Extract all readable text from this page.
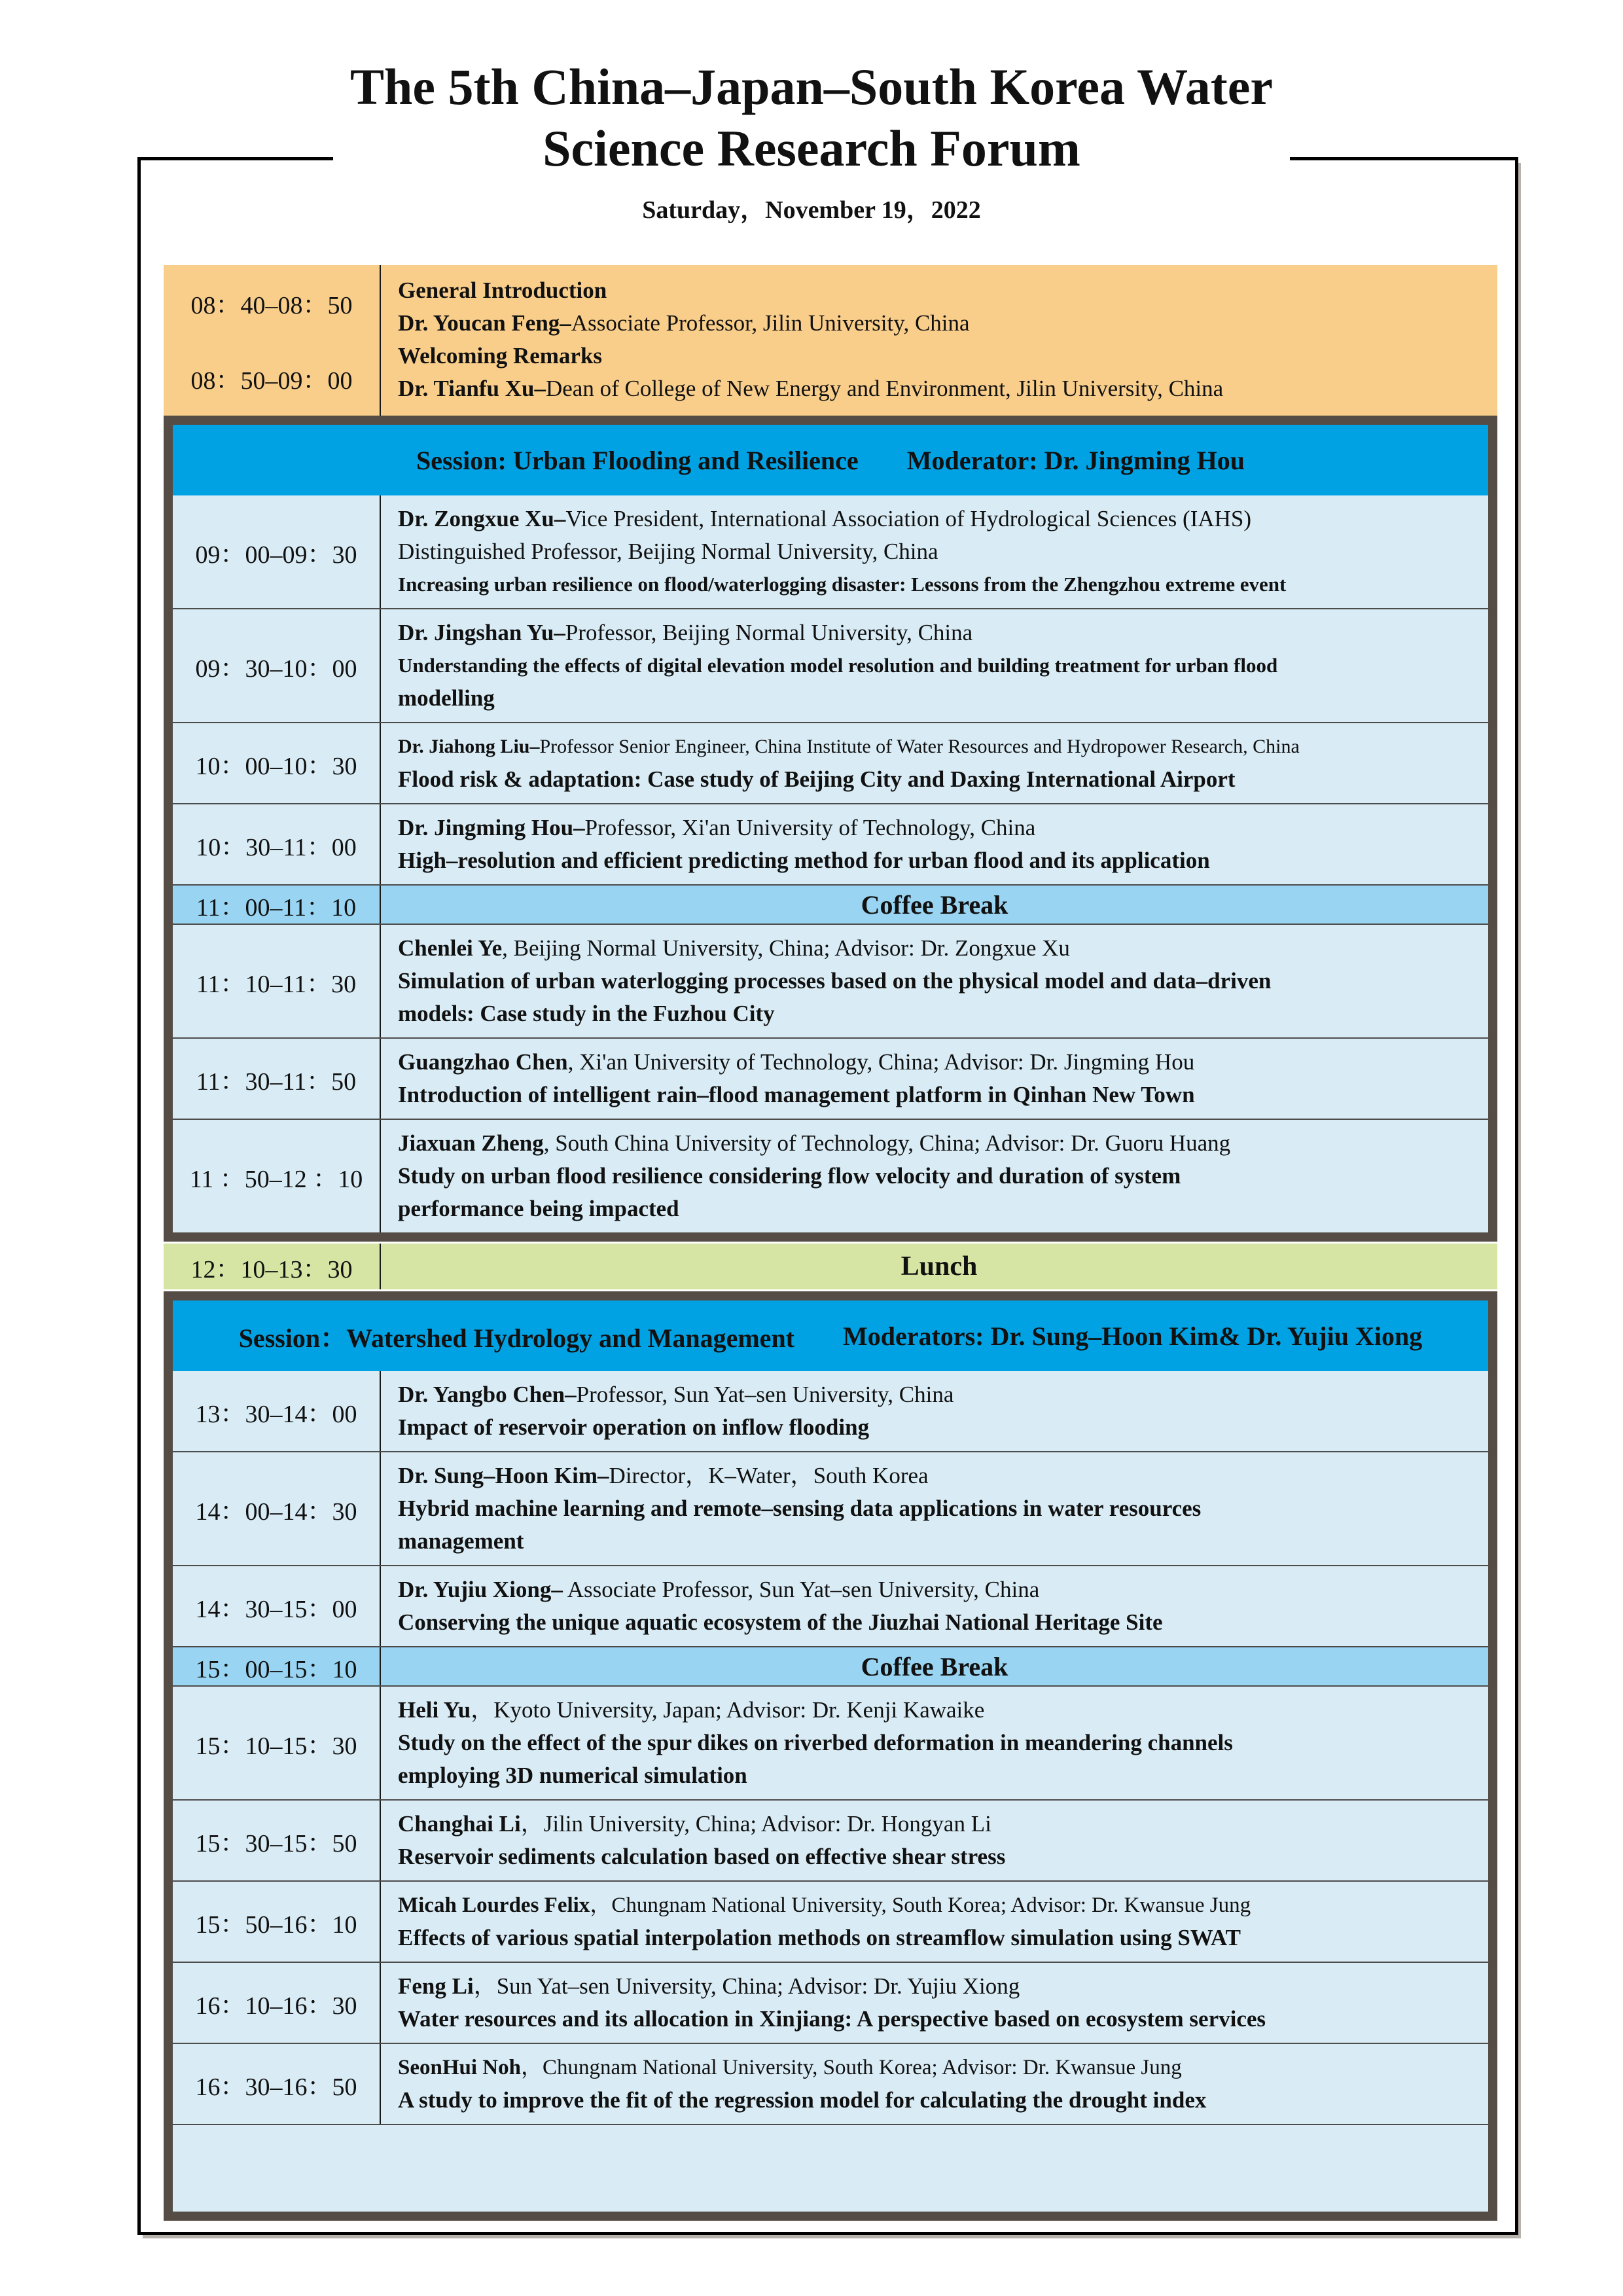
The 5th China–Japan–South Korea Water
Science Research Forum
Saturday，November 19，2022
08：40–08：50
08：50–09：00
General Introduction
Dr. Youcan Feng–Associate Professor, Jilin University, China
Welcoming Remarks
Dr. Tianfu Xu–Dean of College of New Energy and Environment, Jilin University, China
Session: Urban Flooding and Resilience Moderator: Dr. Jingming Hou
09：00–09：30
Dr. Zongxue Xu–Vice President, International Association of Hydrological Sciences (IAHS)
Distinguished Professor, Beijing Normal University, China
Increasing urban resilience on flood/waterlogging disaster: Lessons from the Zhengzhou extreme event
09：30–10：00
Dr. Jingshan Yu–Professor, Beijing Normal University, China
Understanding the effects of digital elevation model resolution and building treatment for urban flood
modelling
10：00–10：30
Dr. Jiahong Liu–Professor Senior Engineer, China Institute of Water Resources and Hydropower Research, China
Flood risk & adaptation: Case study of Beijing City and Daxing International Airport
10：30–11：00
Dr. Jingming Hou–Professor, Xi'an University of Technology, China
High–resolution and efficient predicting method for urban flood and its application
11：00–11：10	Coffee Break
11：10–11：30
Chenlei Ye, Beijing Normal University, China; Advisor: Dr. Zongxue Xu
Simulation of urban waterlogging processes based on the physical model and data–driven
models: Case study in the Fuzhou City
11：30–11：50
Guangzhao Chen, Xi'an University of Technology, China; Advisor: Dr. Jingming Hou
Introduction of intelligent rain–flood management platform in Qinhan New Town
11 ：50–12 ：10
Jiaxuan Zheng, South China University of Technology, China; Advisor: Dr. Guoru Huang
Study on urban flood resilience considering flow velocity and duration of system
performance being impacted
12：10–13：30	Lunch
Session：Watershed Hydrology and Management Moderators: Dr. Sung–Hoon Kim& Dr. Yujiu Xiong
13：30–14：00
Dr. Yangbo Chen–Professor, Sun Yat–sen University, China
Impact of reservoir operation on inflow flooding
14：00–14：30
Dr. Sung–Hoon Kim–Director，K–Water，South Korea
Hybrid machine learning and remote–sensing data applications in water resources
management
14：30–15：00
Dr. Yujiu Xiong– Associate Professor, Sun Yat–sen University, China
Conserving the unique aquatic ecosystem of the Jiuzhai National Heritage Site
15：00–15：10	Coffee Break
15：10–15：30
Heli Yu，Kyoto University, Japan; Advisor: Dr. Kenji Kawaike
Study on the effect of the spur dikes on riverbed deformation in meandering channels
employing 3D numerical simulation
15：30–15：50
Changhai Li，Jilin University, China; Advisor: Dr. Hongyan Li
Reservoir sediments calculation based on effective shear stress
15：50–16：10
Micah Lourdes Felix，Chungnam National University, South Korea; Advisor: Dr. Kwansue Jung
Effects of various spatial interpolation methods on streamflow simulation using SWAT
16：10–16：30
Feng Li，Sun Yat–sen University, China; Advisor: Dr. Yujiu Xiong
Water resources and its allocation in Xinjiang: A perspective based on ecosystem services
16：30–16：50
SeonHui Noh，Chungnam National University, South Korea; Advisor: Dr. Kwansue Jung
A study to improve the fit of the regression model for calculating the drought index
